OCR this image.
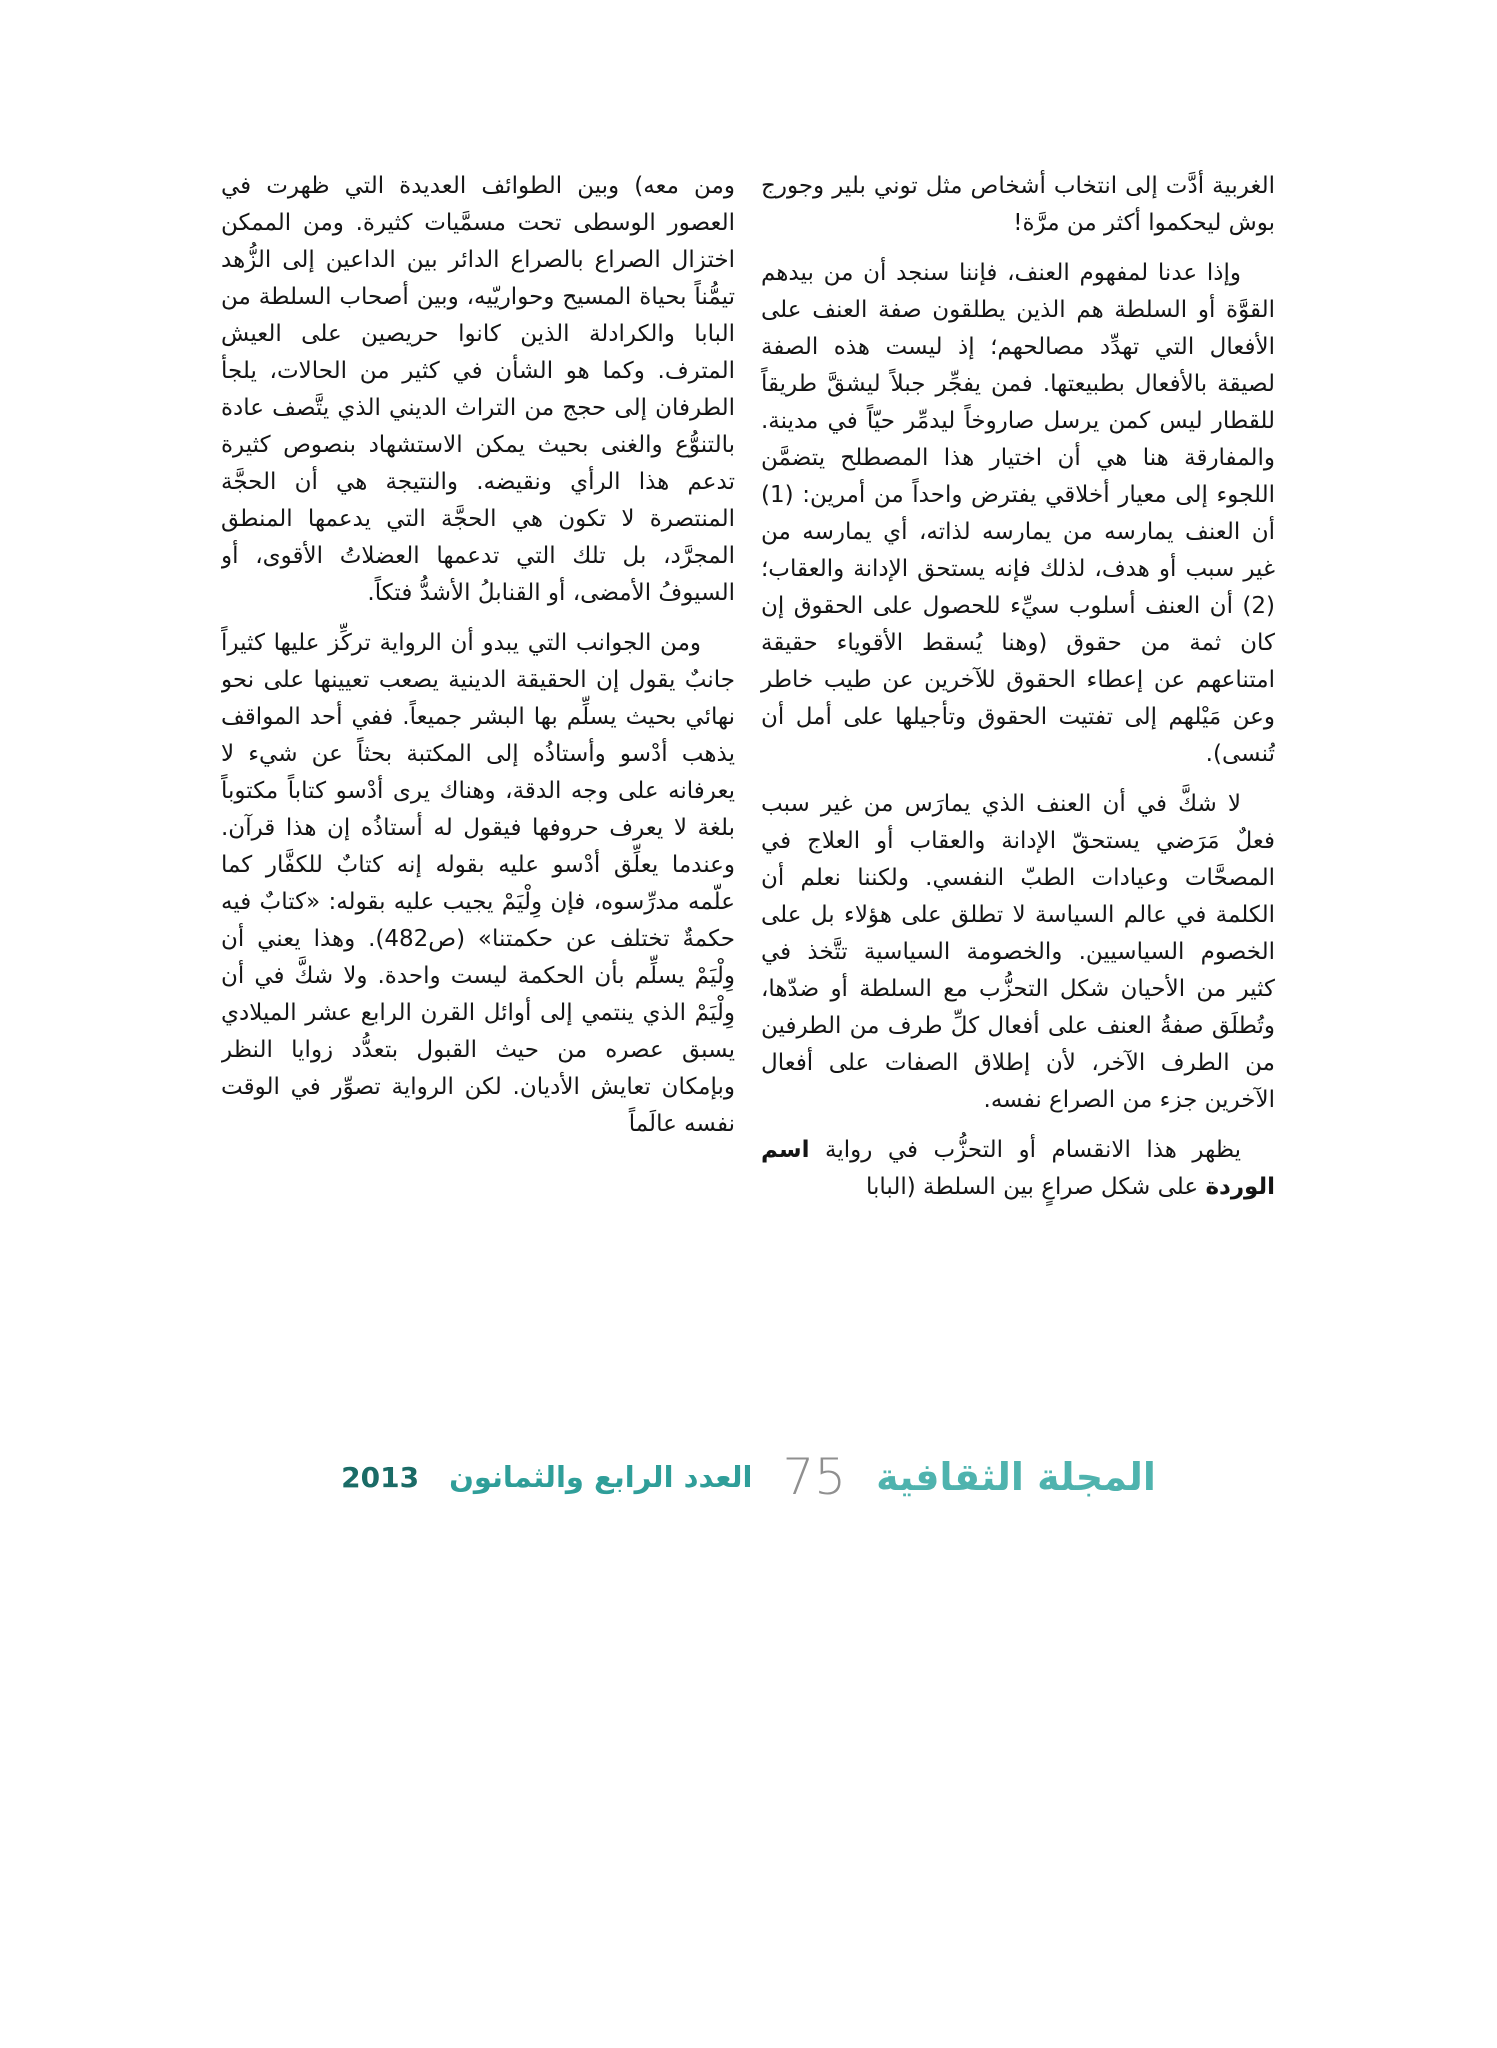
الغربية أدَّت إلى انتخاب أشخاص مثل توني بلير وجورج بوش ليحكموا أكثر من مرَّة!

وإذا عدنا لمفهوم العنف، فإننا سنجد أن من بيدهم القوَّة أو السلطة هم الذين يطلقون صفة العنف على الأفعال التي تهدِّد مصالحهم؛ إذ ليست هذه الصفة لصيقة بالأفعال بطبيعتها. فمن يفجِّر جبلاً ليشقَّ طريقاً للقطار ليس كمن يرسل صاروخاً ليدمِّر حيّاً في مدينة. والمفارقة هنا هي أن اختيار هذا المصطلح يتضمَّن اللجوء إلى معيار أخلاقي يفترض واحداً من أمرين: (1) أن العنف يمارسه من يمارسه لذاته، أي يمارسه من غير سبب أو هدف، لذلك فإنه يستحق الإدانة والعقاب؛ (2) أن العنف أسلوب سيِّء للحصول على الحقوق إن كان ثمة من حقوق (وهنا يُسقط الأقوياء حقيقة امتناعهم عن إعطاء الحقوق للآخرين عن طيب خاطر وعن مَيْلهم إلى تفتيت الحقوق وتأجيلها على أمل أن تُنسى).

لا شكَّ في أن العنف الذي يمارَس من غير سبب فعلٌ مَرَضي يستحقّ الإدانة والعقاب أو العلاج في المصحَّات وعيادات الطبّ النفسي. ولكننا نعلم أن الكلمة في عالم السياسة لا تطلق على هؤلاء بل على الخصوم السياسيين. والخصومة السياسية تتَّخذ في كثير من الأحيان شكل التحزُّب مع السلطة أو ضدّها، وتُطلَق صفةُ العنف على أفعال كلِّ طرف من الطرفين من الطرف الآخر، لأن إطلاق الصفات على أفعال الآخرين جزء من الصراع نفسه.

يظهر هذا الانقسام أو التحزُّب في رواية اسم الوردة على شكل صراعٍ بين السلطة (البابا

ومن معه) وبين الطوائف العديدة التي ظهرت في العصور الوسطى تحت مسمَّيات كثيرة. ومن الممكن اختزال الصراع بالصراع الدائر بين الداعين إلى الزُّهد تيمُّناً بحياة المسيح وحواريّيه، وبين أصحاب السلطة من البابا والكرادلة الذين كانوا حريصين على العيش المترف. وكما هو الشأن في كثير من الحالات، يلجأ الطرفان إلى حجج من التراث الديني الذي يتَّصف عادة بالتنوُّع والغنى بحيث يمكن الاستشهاد بنصوص كثيرة تدعم هذا الرأي ونقيضه. والنتيجة هي أن الحجَّة المنتصرة لا تكون هي الحجَّة التي يدعمها المنطق المجرَّد، بل تلك التي تدعمها العضلاتُ الأقوى، أو السيوفُ الأمضى، أو القنابلُ الأشدُّ فتكاً.

ومن الجوانب التي يبدو أن الرواية تركِّز عليها كثيراً جانبٌ يقول إن الحقيقة الدينية يصعب تعيينها على نحو نهائي بحيث يسلِّم بها البشر جميعاً. ففي أحد المواقف يذهب أدْسو وأستاذُه إلى المكتبة بحثاً عن شيء لا يعرفانه على وجه الدقة، وهناك يرى أدْسو كتاباً مكتوباً بلغة لا يعرف حروفها فيقول له أستاذُه إن هذا قرآن. وعندما يعلِّق أدْسو عليه بقوله إنه كتابٌ للكفَّار كما علّمه مدرِّسوه، فإن وِلْيَمْ يجيب عليه بقوله: «كتابٌ فيه حكمةٌ تختلف عن حكمتنا» (ص482). وهذا يعني أن وِلْيَمْ يسلِّم بأن الحكمة ليست واحدة. ولا شكَّ في أن وِلْيَمْ الذي ينتمي إلى أوائل القرن الرابع عشر الميلادي يسبق عصره من حيث القبول بتعدُّد زوايا النظر وبإمكان تعايش الأديان. لكن الرواية تصوِّر في الوقت نفسه عالَماً

المجلة الثقافية
75
العدد الرابع والثمانون
2013
